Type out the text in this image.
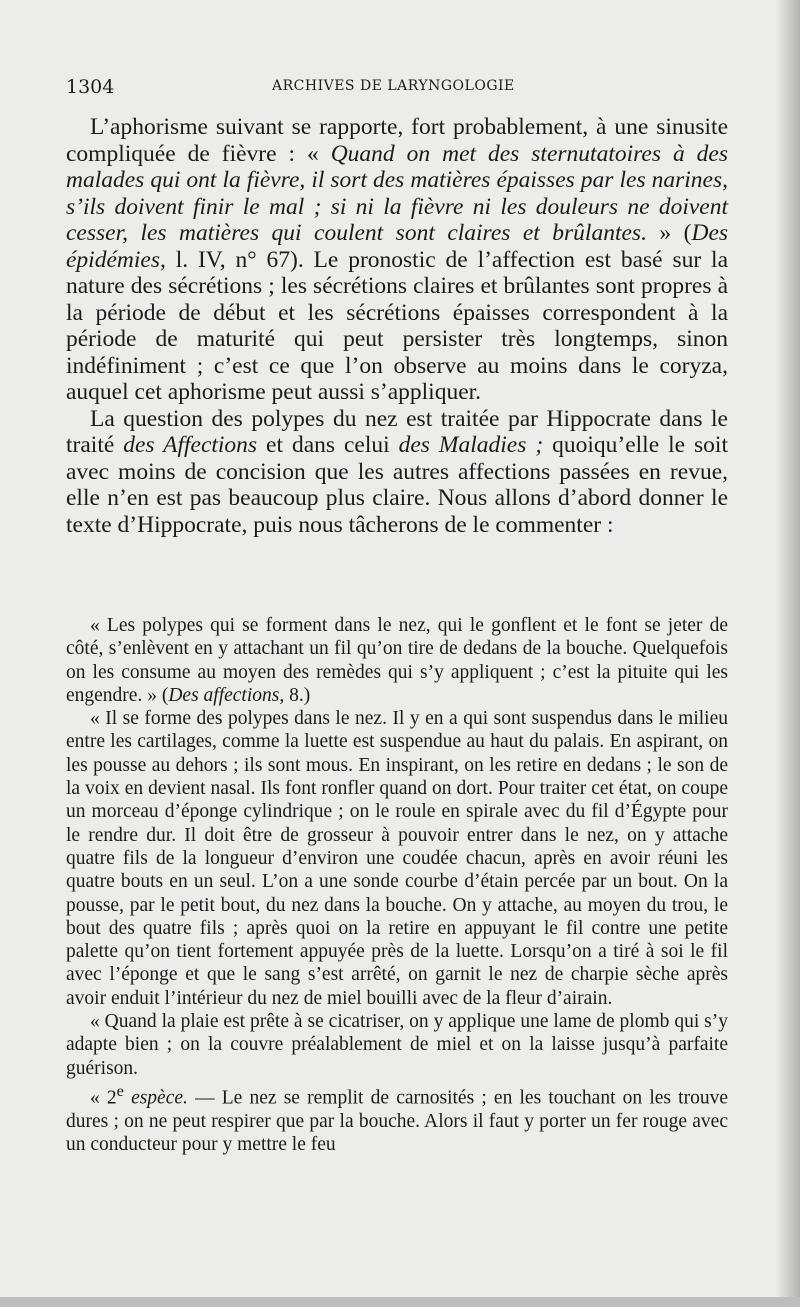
1304	ARCHIVES DE LARYNGOLOGIE

L’aphorisme suivant se rapporte, fort probablement, à une sinusite compliquée de fièvre : « Quand on met des sternutatoires à des malades qui ont la fièvre, il sort des matières épaisses par les narines, s’ils doivent finir le mal ; si ni la fièvre ni les douleurs ne doivent cesser, les matières qui coulent sont claires et brûlantes. » (Des épidémies, l. IV, n° 67). Le pronostic de l’affection est basé sur la nature des sécrétions ; les sécrétions claires et brûlantes sont propres à la période de début et les sécrétions épaisses correspondent à la période de maturité qui peut persister très longtemps, sinon indéfiniment ; c’est ce que l’on observe au moins dans le coryza, auquel cet aphorisme peut aussi s’appliquer.

La question des polypes du nez est traitée par Hippocrate dans le traité des Affections et dans celui des Maladies ; quoiqu’elle le soit avec moins de concision que les autres affections passées en revue, elle n’en est pas beaucoup plus claire. Nous allons d’abord donner le texte d’Hippocrate, puis nous tâcherons de le commenter :

« Les polypes qui se forment dans le nez, qui le gonflent et le font se jeter de côté, s’enlèvent en y attachant un fil qu’on tire de dedans de la bouche. Quelquefois on les consume au moyen des remèdes qui s’y appliquent ; c’est la pituite qui les engendre. » (Des affections, 8.)

« Il se forme des polypes dans le nez. Il y en a qui sont suspendus dans le milieu entre les cartilages, comme la luette est suspendue au haut du palais. En aspirant, on les pousse au dehors ; ils sont mous. En inspirant, on les retire en dedans ; le son de la voix en devient nasal. Ils font ronfler quand on dort. Pour traiter cet état, on coupe un morceau d’éponge cylindrique ; on le roule en spirale avec du fil d’Égypte pour le rendre dur. Il doit être de grosseur à pouvoir entrer dans le nez, on y attache quatre fils de la longueur d’environ une coudée chacun, après en avoir réuni les quatre bouts en un seul. L’on a une sonde courbe d’étain percée par un bout. On la pousse, par le petit bout, du nez dans la bouche. On y attache, au moyen du trou, le bout des quatre fils ; après quoi on la retire en appuyant le fil contre une petite palette qu’on tient fortement appuyée près de la luette. Lorsqu’on a tiré à soi le fil avec l’éponge et que le sang s’est arrêté, on garnit le nez de charpie sèche après avoir enduit l’intérieur du nez de miel bouilli avec de la fleur d’airain.

« Quand la plaie est prête à se cicatriser, on y applique une lame de plomb qui s’y adapte bien ; on la couvre préalablement de miel et on la laisse jusqu’à parfaite guérison.

« 2e espèce. — Le nez se remplit de carnosités ; en les touchant on les trouve dures ; on ne peut respirer que par la bouche. Alors il faut y porter un fer rouge avec un conducteur pour y mettre le feu
